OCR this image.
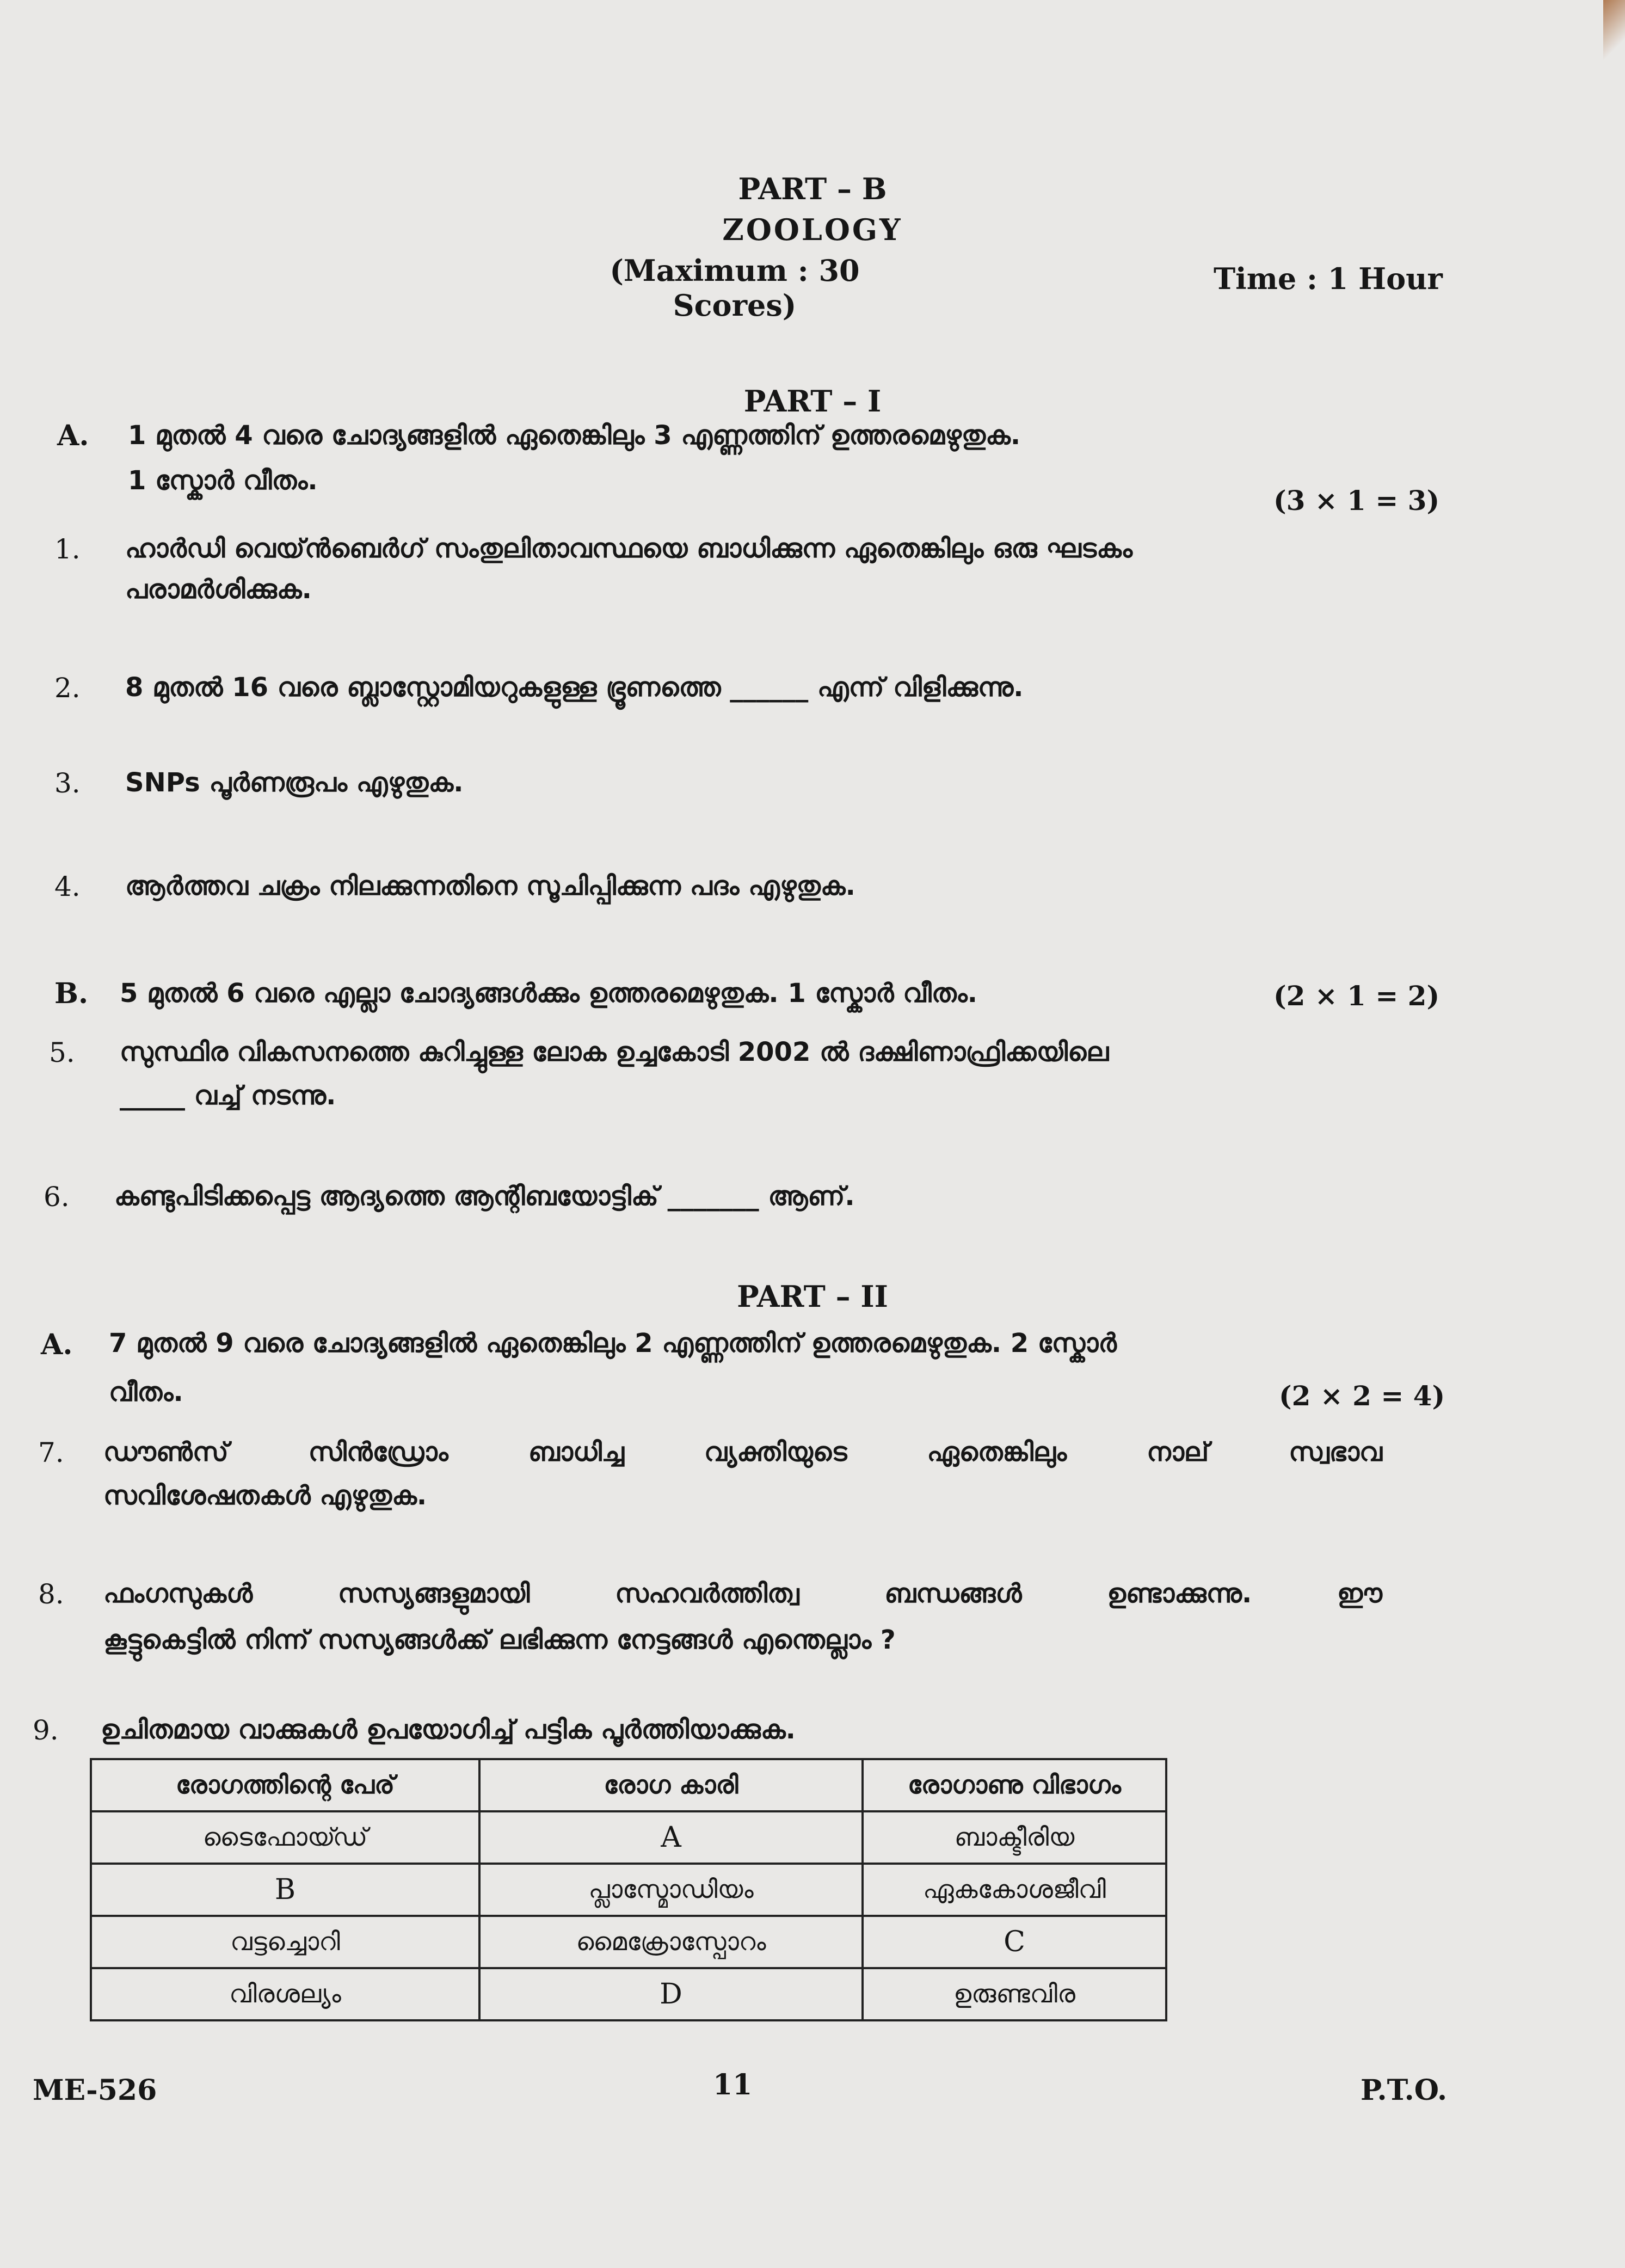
PART – B
ZOOLOGY
(Maximum : 30 Scores)
Time : 1 Hour
PART – I
A. 1 മുതൽ 4 വരെ ചോദ്യങ്ങളിൽ ഏതെങ്കിലും 3 എണ്ണത്തിന് ഉത്തരമെഴുതുക.
1 സ്കോർ വീതം.
(3 × 1 = 3)
1. ഹാർഡി വെയ്ൻബെർഗ് സംതുലിതാവസ്ഥയെ ബാധിക്കുന്ന ഏതെങ്കിലും ഒരു ഘടകം
പരാമർശിക്കുക.
2. 8 മുതൽ 16 വരെ ബ്ലാസ്റ്റോമിയറുകളുള്ള ഭ്രൂണത്തെ ______ എന്ന് വിളിക്കുന്നു.
3. SNPs പൂർണരൂപം എഴുതുക.
4. ആർത്തവ ചക്രം നിലക്കുന്നതിനെ സൂചിപ്പിക്കുന്ന പദം എഴുതുക.
B. 5 മുതൽ 6 വരെ എല്ലാ ചോദ്യങ്ങൾക്കും ഉത്തരമെഴുതുക. 1 സ്കോർ വീതം.	(2 × 1 = 2)
5. സുസ്ഥിര വികസനത്തെ കുറിച്ചുള്ള ലോക ഉച്ചകോടി 2002 ൽ ദക്ഷിണാഫ്രിക്കയിലെ
_____ വച്ച് നടന്നു.
6. കണ്ടുപിടിക്കപ്പെട്ട ആദ്യത്തെ ആന്റിബയോട്ടിക് _______ ആണ്.
PART – II
A. 7 മുതൽ 9 വരെ ചോദ്യങ്ങളിൽ ഏതെങ്കിലും 2 എണ്ണത്തിന് ഉത്തരമെഴുതുക. 2 സ്കോർ
വീതം.	(2 × 2 = 4)
7. ഡൗൺസ് സിൻഡ്രോം ബാധിച്ച വ്യക്തിയുടെ ഏതെങ്കിലും നാല് സ്വഭാവ
സവിശേഷതകൾ എഴുതുക.
8. ഫംഗസുകൾ സസ്യങ്ങളുമായി സഹവർത്തിത്വ ബന്ധങ്ങൾ ഉണ്ടാക്കുന്നു. ഈ
കൂട്ടുകെട്ടിൽ നിന്ന് സസ്യങ്ങൾക്ക് ലഭിക്കുന്ന നേട്ടങ്ങൾ എന്തെല്ലാം ?
9. ഉചിതമായ വാക്കുകൾ ഉപയോഗിച്ച് പട്ടിക പൂർത്തിയാക്കുക.
രോഗത്തിന്റെ പേര്	രോഗ കാരി	രോഗാണു വിഭാഗം
ടൈഫോയ്ഡ്	A	ബാക്ടീരിയ
B	പ്ലാസ്മോഡിയം	ഏകകോശജീവി
വട്ടച്ചൊറി	മൈക്രോസ്പോറം	C
വിരശല്യം	D	ഉരുണ്ടവിര
ME-526	11	P.T.O.
